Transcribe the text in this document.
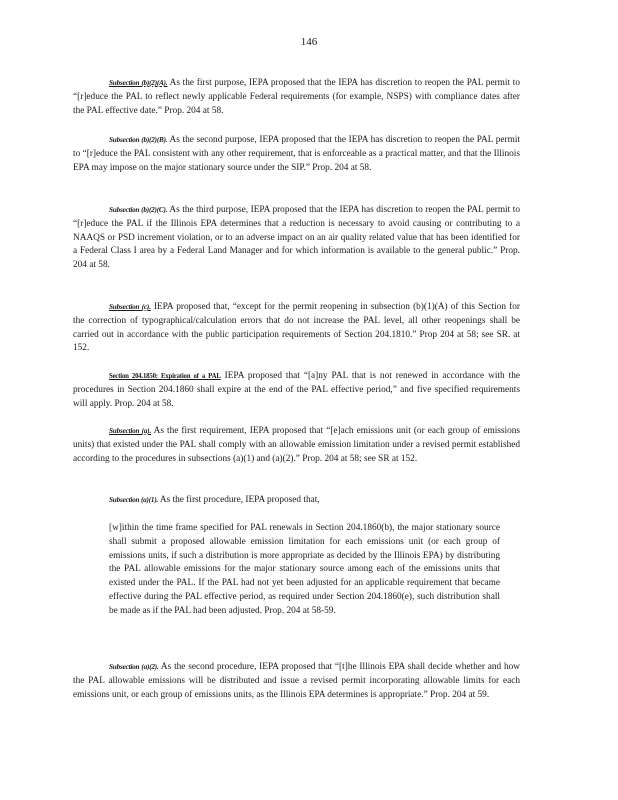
146

Subsection (b)(2)(A). As the first purpose, IEPA proposed that the IEPA has discretion to reopen the PAL permit to “[r]educe the PAL to reflect newly applicable Federal requirements (for example, NSPS) with compliance dates after the PAL effective date.” Prop. 204 at 58.

Subsection (b)(2)(B). As the second purpose, IEPA proposed that the IEPA has discretion to reopen the PAL permit to “[r]educe the PAL consistent with any other requirement, that is enforceable as a practical matter, and that the Illinois EPA may impose on the major stationary source under the SIP.” Prop. 204 at 58.

Subsection (b)(2)(C). As the third purpose, IEPA proposed that the IEPA has discretion to reopen the PAL permit to “[r]educe the PAL if the Illinois EPA determines that a reduction is necessary to avoid causing or contributing to a NAAQS or PSD increment violation, or to an adverse impact on an air quality related value that has been identified for a Federal Class I area by a Federal Land Manager and for which information is available to the general public.” Prop. 204 at 58.

Subsection (c). IEPA proposed that, “except for the permit reopening in subsection (b)(1)(A) of this Section for the correction of typographical/calculation errors that do not increase the PAL level, all other reopenings shall be carried out in accordance with the public participation requirements of Section 204.1810.” Prop 204 at 58; see SR. at 152.

Section 204.1850: Expiration of a PAL IEPA proposed that “[a]ny PAL that is not renewed in accordance with the procedures in Section 204.1860 shall expire at the end of the PAL effective period,” and five specified requirements will apply. Prop. 204 at 58.

Subsection (a). As the first requirement, IEPA proposed that “[e]ach emissions unit (or each group of emissions units) that existed under the PAL shall comply with an allowable emission limitation under a revised permit established according to the procedures in subsections (a)(1) and (a)(2).” Prop. 204 at 58; see SR at 152.

Subsection (a)(1). As the first procedure, IEPA proposed that,

[w]ithin the time frame specified for PAL renewals in Section 204.1860(b), the major stationary source shall submit a proposed allowable emission limitation for each emissions unit (or each group of emissions units, if such a distribution is more appropriate as decided by the Illinois EPA) by distributing the PAL allowable emissions for the major stationary source among each of the emissions units that existed under the PAL. If the PAL had not yet been adjusted for an applicable requirement that became effective during the PAL effective period, as required under Section 204.1860(e), such distribution shall be made as if the PAL had been adjusted. Prop. 204 at 58-59.

Subsection (a)(2). As the second procedure, IEPA proposed that “[t]he Illinois EPA shall decide whether and how the PAL allowable emissions will be distributed and issue a revised permit incorporating allowable limits for each emissions unit, or each group of emissions units, as the Illinois EPA determines is appropriate.” Prop. 204 at 59.
